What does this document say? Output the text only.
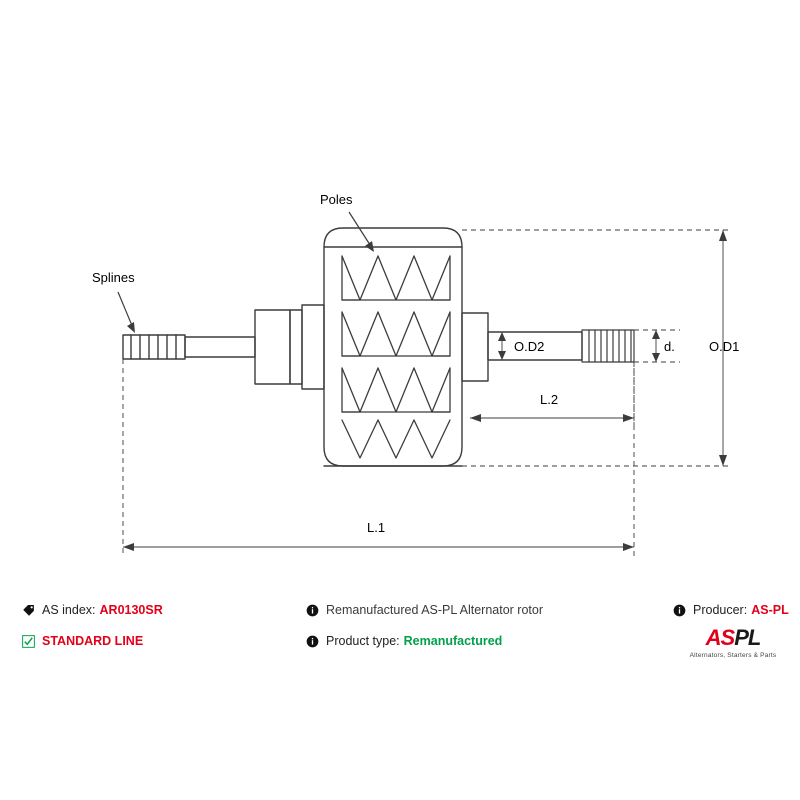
Poles
Splines
O.D1
O.D2	d.
L.1
L.2
AS index: AR0130SR
STANDARD LINE
Remanufactured AS-PL Alternator rotor
Product type: Remanufactured
Producer: AS-PL
ASPL
Alternators, Starters & Parts
